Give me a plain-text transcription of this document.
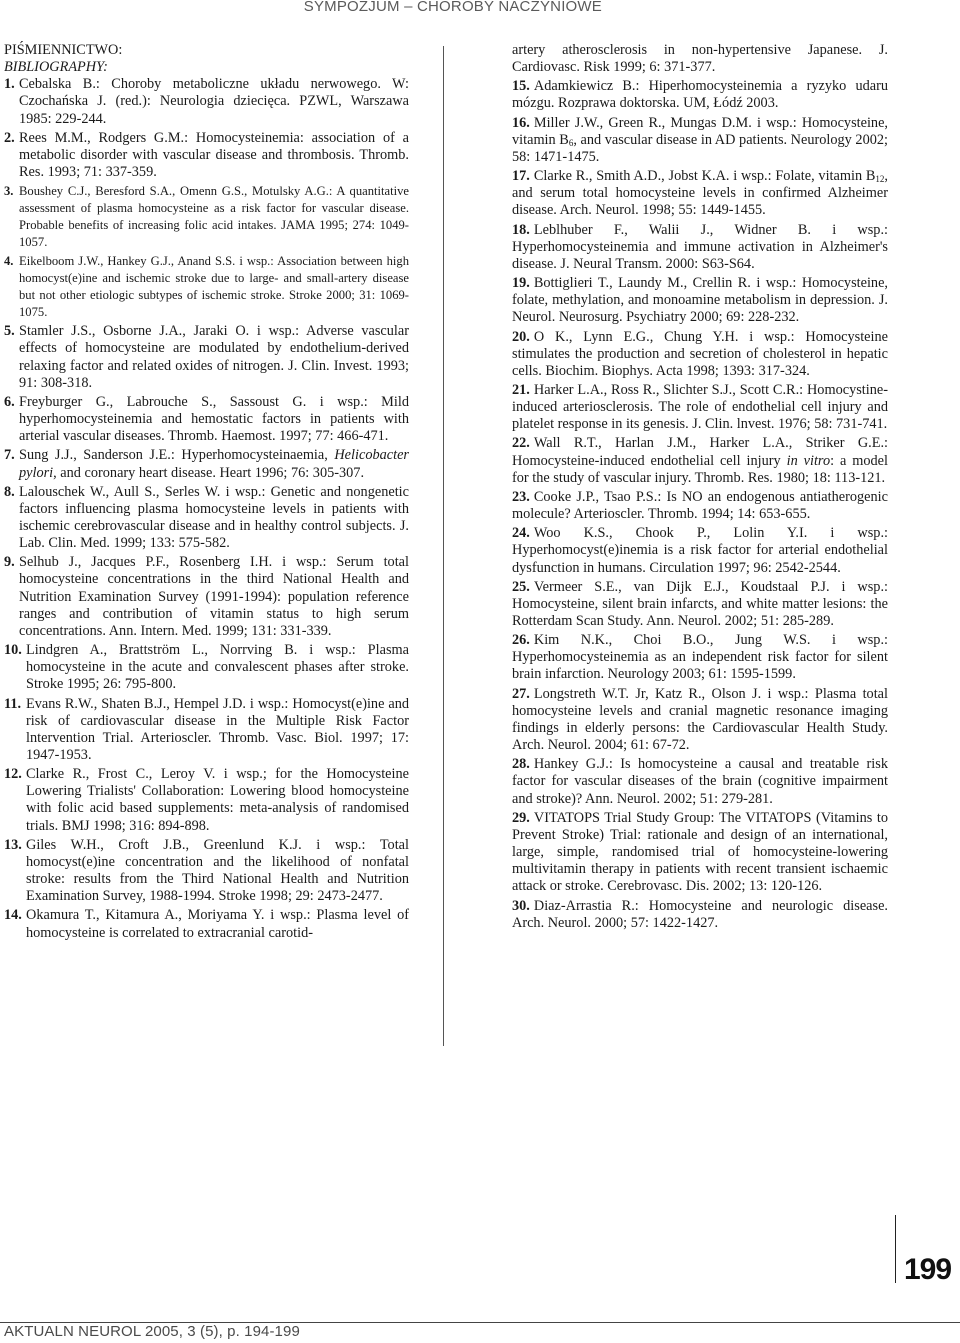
SYMPOZJUM – CHOROBY NACZYNIOWE
PIŚMIENNICTWO:
BIBLIOGRAPHY:
1. Cebalska B.: Choroby metaboliczne układu nerwowego. W: Czochańska J. (red.): Neurologia dziecięca. PZWL, Warszawa 1985: 229-244.
2. Rees M.M., Rodgers G.M.: Homocysteinemia: association of a metabolic disorder with vascular disease and thrombosis. Thromb. Res. 1993; 71: 337-359.
3. Boushey C.J., Beresford S.A., Omenn G.S., Motulsky A.G.: A quantitative assessment of plasma homocysteine as a risk factor for vascular disease. Probable benefits of increasing folic acid intakes. JAMA 1995; 274: 1049-1057.
4. Eikelboom J.W., Hankey G.J., Anand S.S. i wsp.: Association between high homocyst(e)ine and ischemic stroke due to large- and small-artery disease but not other etiologic subtypes of ischemic stroke. Stroke 2000; 31: 1069-1075.
5. Stamler J.S., Osborne J.A., Jaraki O. i wsp.: Adverse vascular effects of homocysteine are modulated by endothelium-derived relaxing factor and related oxides of nitrogen. J. Clin. Invest. 1993; 91: 308-318.
6. Freyburger G., Labrouche S., Sassoust G. i wsp.: Mild hyperhomocysteinemia and hemostatic factors in patients with arterial vascular diseases. Thromb. Haemost. 1997; 77: 466-471.
7. Sung J.J., Sanderson J.E.: Hyperhomocysteinaemia, Helicobacter pylori, and coronary heart disease. Heart 1996; 76: 305-307.
8. Lalouschek W., Aull S., Serles W. i wsp.: Genetic and nongenetic factors influencing plasma homocysteine levels in patients with ischemic cerebrovascular disease and in healthy control subjects. J. Lab. Clin. Med. 1999; 133: 575-582.
9. Selhub J., Jacques P.F., Rosenberg I.H. i wsp.: Serum total homocysteine concentrations in the third National Health and Nutrition Examination Survey (1991-1994): population reference ranges and contribution of vitamin status to high serum concentrations. Ann. Intern. Med. 1999; 131: 331-339.
10. Lindgren A., Brattström L., Norrving B. i wsp.: Plasma homocysteine in the acute and convalescent phases after stroke. Stroke 1995; 26: 795-800.
11. Evans R.W., Shaten B.J., Hempel J.D. i wsp.: Homocyst(e)ine and risk of cardiovascular disease in the Multiple Risk Factor lntervention Trial. Arterioscler. Thromb. Vasc. Biol. 1997; 17: 1947-1953.
12. Clarke R., Frost C., Leroy V. i wsp.; for the Homocysteine Lowering Trialists' Collaboration: Lowering blood homocysteine with folic acid based supplements: meta-analysis of randomised trials. BMJ 1998; 316: 894-898.
13. Giles W.H., Croft J.B., Greenlund K.J. i wsp.: Total homocyst(e)ine concentration and the likelihood of nonfatal stroke: results from the Third National Health and Nutrition Examination Survey, 1988-1994. Stroke 1998; 29: 2473-2477.
14. Okamura T., Kitamura A., Moriyama Y. i wsp.: Plasma level of homocysteine is correlated to extracranial carotid-
artery atherosclerosis in non-hypertensive Japanese. J. Cardiovasc. Risk 1999; 6: 371-377.
15. Adamkiewicz B.: Hiperhomocysteinemia a ryzyko udaru mózgu. Rozprawa doktorska. UM, Łódź 2003.
16. Miller J.W., Green R., Mungas D.M. i wsp.: Homocysteine, vitamin $B_6$, and vascular disease in AD patients. Neurology 2002; 58: 1471-1475.
17. Clarke R., Smith A.D., Jobst K.A. i wsp.: Folate, vitamin $B_{12}$, and serum total homocysteine levels in confirmed Alzheimer disease. Arch. Neurol. 1998; 55: 1449-1455.
18. Leblhuber F., Walii J., Widner B. i wsp.: Hyperhomocysteinemia and immune activation in Alzheimer's disease. J. Neural Transm. 2000: S63-S64.
19. Bottiglieri T., Laundy M., Crellin R. i wsp.: Homocysteine, folate, methylation, and monoamine metabolism in depression. J. Neurol. Neurosurg. Psychiatry 2000; 69: 228-232.
20. O K., Lynn E.G., Chung Y.H. i wsp.: Homocysteine stimulates the production and secretion of cholesterol in hepatic cells. Biochim. Biophys. Acta 1998; 1393: 317-324.
21. Harker L.A., Ross R., Slichter S.J., Scott C.R.: Homocystine-induced arteriosclerosis. The role of endothelial cell injury and platelet response in its genesis. J. Clin. lnvest. 1976; 58: 731-741.
22. Wall R.T., Harlan J.M., Harker L.A., Striker G.E.: Homocysteine-induced endothelial cell injury in vitro: a model for the study of vascular injury. Thromb. Res. 1980; 18: 113-121.
23. Cooke J.P., Tsao P.S.: Is NO an endogenous antiatherogenic molecule? Arterioscler. Thromb. 1994; 14: 653-655.
24. Woo K.S., Chook P., Lolin Y.I. i wsp.: Hyperhomocyst(e)inemia is a risk factor for arterial endothelial dysfunction in humans. Circulation 1997; 96: 2542-2544.
25. Vermeer S.E., van Dijk E.J., Koudstaal P.J. i wsp.: Homocysteine, silent brain infarcts, and white matter lesions: the Rotterdam Scan Study. Ann. Neurol. 2002; 51: 285-289.
26. Kim N.K., Choi B.O., Jung W.S. i wsp.: Hyperhomocysteinemia as an independent risk factor for silent brain infarction. Neurology 2003; 61: 1595-1599.
27. Longstreth W.T. Jr, Katz R., Olson J. i wsp.: Plasma total homocysteine levels and cranial magnetic resonance imaging findings in elderly persons: the Cardiovascular Health Study. Arch. Neurol. 2004; 61: 67-72.
28. Hankey G.J.: Is homocysteine a causal and treatable risk factor for vascular diseases of the brain (cognitive impairment and stroke)? Ann. Neurol. 2002; 51: 279-281.
29. VITATOPS Trial Study Group: The VITATOPS (Vitamins to Prevent Stroke) Trial: rationale and design of an international, large, simple, randomised trial of homocysteine-lowering multivitamin therapy in patients with recent transient ischaemic attack or stroke. Cerebrovasc. Dis. 2002; 13: 120-126.
30. Diaz-Arrastia R.: Homocysteine and neurologic disease. Arch. Neurol. 2000; 57: 1422-1427.
199
AKTUALN NEUROL 2005, 3 (5), p. 194-199
